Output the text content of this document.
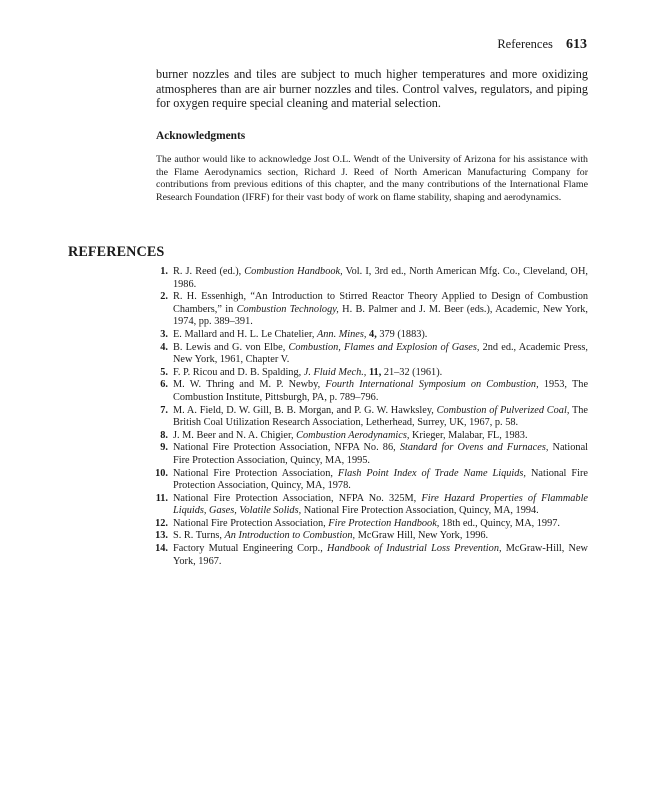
References 613

burner nozzles and tiles are subject to much higher temperatures and more oxidizing atmospheres than are air burner nozzles and tiles. Control valves, regulators, and piping for oxygen require special cleaning and material selection.

Acknowledgments

The author would like to acknowledge Jost O.L. Wendt of the University of Arizona for his assistance with the Flame Aerodynamics section, Richard J. Reed of North American Manufacturing Company for contributions from previous editions of this chapter, and the many contributions of the International Flame Research Foundation (IFRF) for their vast body of work on flame stability, shaping and aerodynamics.

REFERENCES
1. R. J. Reed (ed.), Combustion Handbook, Vol. I, 3rd ed., North American Mfg. Co., Cleveland, OH, 1986.
2. R. H. Essenhigh, “An Introduction to Stirred Reactor Theory Applied to Design of Combustion Chambers,” in Combustion Technology, H. B. Palmer and J. M. Beer (eds.), Academic, New York, 1974, pp. 389–391.
3. E. Mallard and H. L. Le Chatelier, Ann. Mines, 4, 379 (1883).
4. B. Lewis and G. von Elbe, Combustion, Flames and Explosion of Gases, 2nd ed., Academic Press, New York, 1961, Chapter V.
5. F. P. Ricou and D. B. Spalding, J. Fluid Mech., 11, 21–32 (1961).
6. M. W. Thring and M. P. Newby, Fourth International Symposium on Combustion, 1953, The Combustion Institute, Pittsburgh, PA, p. 789–796.
7. M. A. Field, D. W. Gill, B. B. Morgan, and P. G. W. Hawksley, Combustion of Pulverized Coal, The British Coal Utilization Research Association, Letherhead, Surrey, UK, 1967, p. 58.
8. J. M. Beer and N. A. Chigier, Combustion Aerodynamics, Krieger, Malabar, FL, 1983.
9. National Fire Protection Association, NFPA No. 86, Standard for Ovens and Furnaces, National Fire Protection Association, Quincy, MA, 1995.
10. National Fire Protection Association, Flash Point Index of Trade Name Liquids, National Fire Protection Association, Quincy, MA, 1978.
11. National Fire Protection Association, NFPA No. 325M, Fire Hazard Properties of Flammable Liquids, Gases, Volatile Solids, National Fire Protection Association, Quincy, MA, 1994.
12. National Fire Protection Association, Fire Protection Handbook, 18th ed., Quincy, MA, 1997.
13. S. R. Turns, An Introduction to Combustion, McGraw Hill, New York, 1996.
14. Factory Mutual Engineering Corp., Handbook of Industrial Loss Prevention, McGraw-Hill, New York, 1967.
